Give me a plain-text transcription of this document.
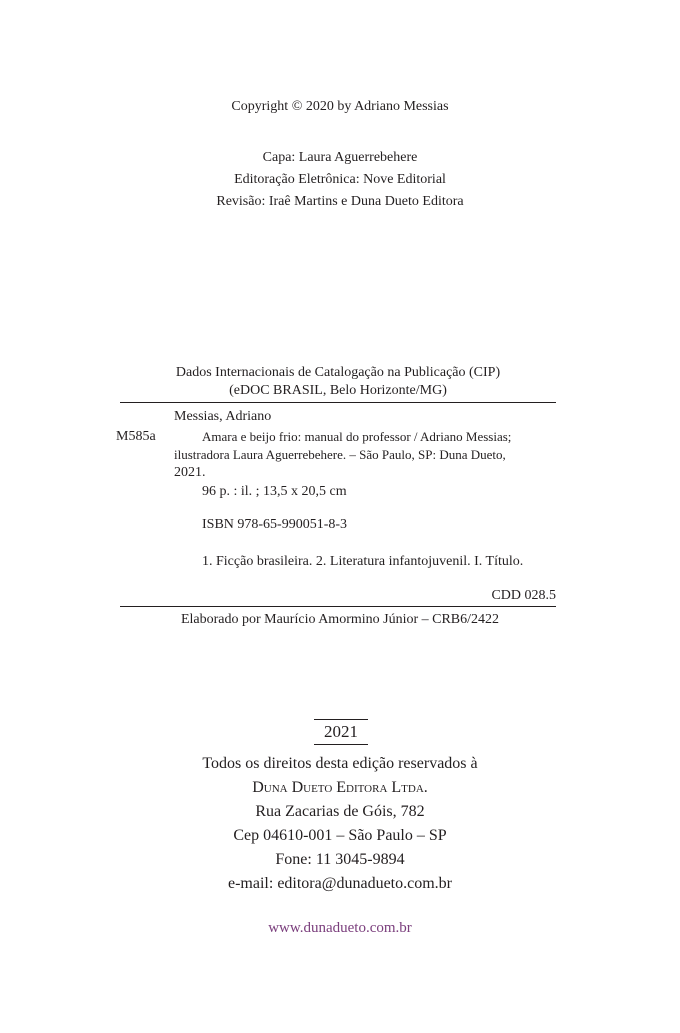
Copyright © 2020 by Adriano Messias
Capa: Laura Aguerrebehere
Editoração Eletrônica: Nove Editorial
Revisão: Iraê Martins e Duna Dueto Editora
Dados Internacionais de Catalogação na Publicação (CIP)
(eDOC BRASIL, Belo Horizonte/MG)
Messias, Adriano
M585a	Amara e beijo frio: manual do professor / Adriano Messias;
ilustradora Laura Aguerrebehere. – São Paulo, SP: Duna Dueto,
2021.
96 p. : il. ; 13,5 x 20,5 cm
ISBN 978-65-990051-8-3
1. Ficção brasileira. 2. Literatura infantojuvenil. I. Título.
CDD 028.5
Elaborado por Maurício Amormino Júnior – CRB6/2422
2021
Todos os direitos desta edição reservados à
Duna Dueto Editora Ltda.
Rua Zacarias de Góis, 782
Cep 04610-001 – São Paulo – SP
Fone: 11 3045-9894
e-mail: editora@dunadueto.com.br
www.dunadueto.com.br
